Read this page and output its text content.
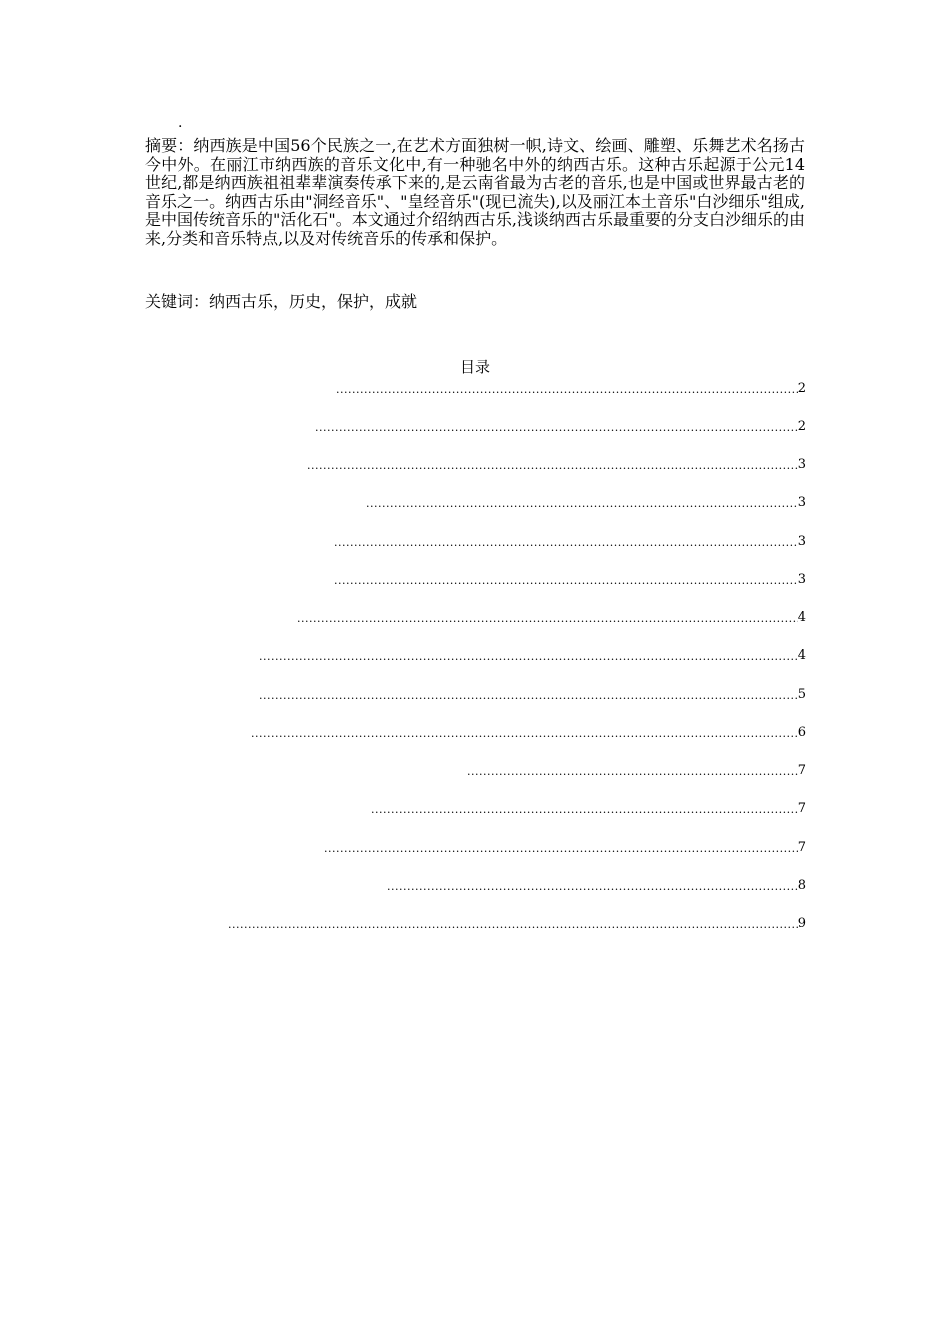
.

摘要：纳西族是中国56个民族之一,在艺术方面独树一帜,诗文、绘画、雕塑、乐舞艺术名扬古今中外。在丽江市纳西族的音乐文化中,有一种驰名中外的纳西古乐。这种古乐起源于公元14世纪,都是纳西族祖祖辈辈演奏传承下来的,是云南省最为古老的音乐,也是中国或世界最古老的音乐之一。纳西古乐由"洞经音乐"、"皇经音乐"(现已流失),以及丽江本土音乐"白沙细乐"组成,是中国传统音乐的"活化石"。本文通过介绍纳西古乐,浅谈纳西古乐最重要的分支白沙细乐的由来,分类和音乐特点,以及对传统音乐的传承和保护。

关键词：纳西古乐，历史，保护，成就
目录
.....
2
.....
2
.....
3
.....
3
.....
3
.....
3
.....
4
.....
4
.....
5
.....
6
.....
7
.....
7
.....
7
.....
8
.....
9
